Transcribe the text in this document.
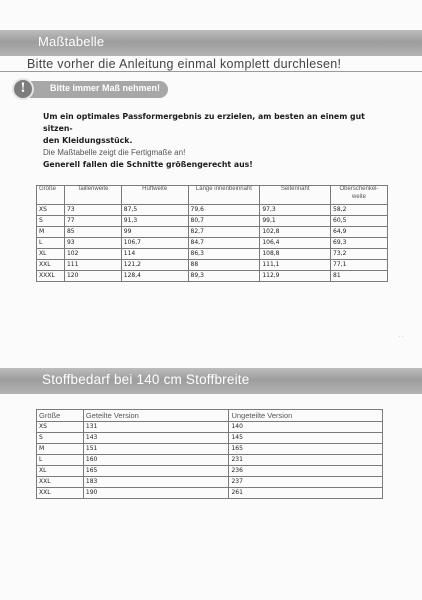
Maßtabelle
Bitte vorher die Anleitung einmal komplett durchlesen!
Bitte immer Maß nehmen!
!
Um ein optimales Passformergebnis zu erzielen, am besten an einem gut sitzen-
den Kleidungsstück.
Die Maßtabelle zeigt die Fertigmaße an!
Generell fallen die Schnitte größengerecht aus!
Größe	Taillenweite	Hüftweite	Länge innenbeinnaht	Seitennaht	Oberschenkel-weite
XS	73	87,5	79,6	97,3	58,2
S	77	91,3	80,7	99,1	60,5
M	85	99	82,7	102,8	64,9
L	93	106,7	84,7	106,4	69,3
XL	102	114	86,3	108,8	73,2
XXL	111	121,2	88	111,1	77,1
XXXL	120	128,4	89,3	112,9	81
· ·
Stoffbedarf bei 140 cm Stoffbreite
Größe	Geteilte Version	Ungeteilte Version
XS	131	140
S	143	145
M	151	165
L	160	231
XL	165	236
XXL	183	237
XXL	190	261
